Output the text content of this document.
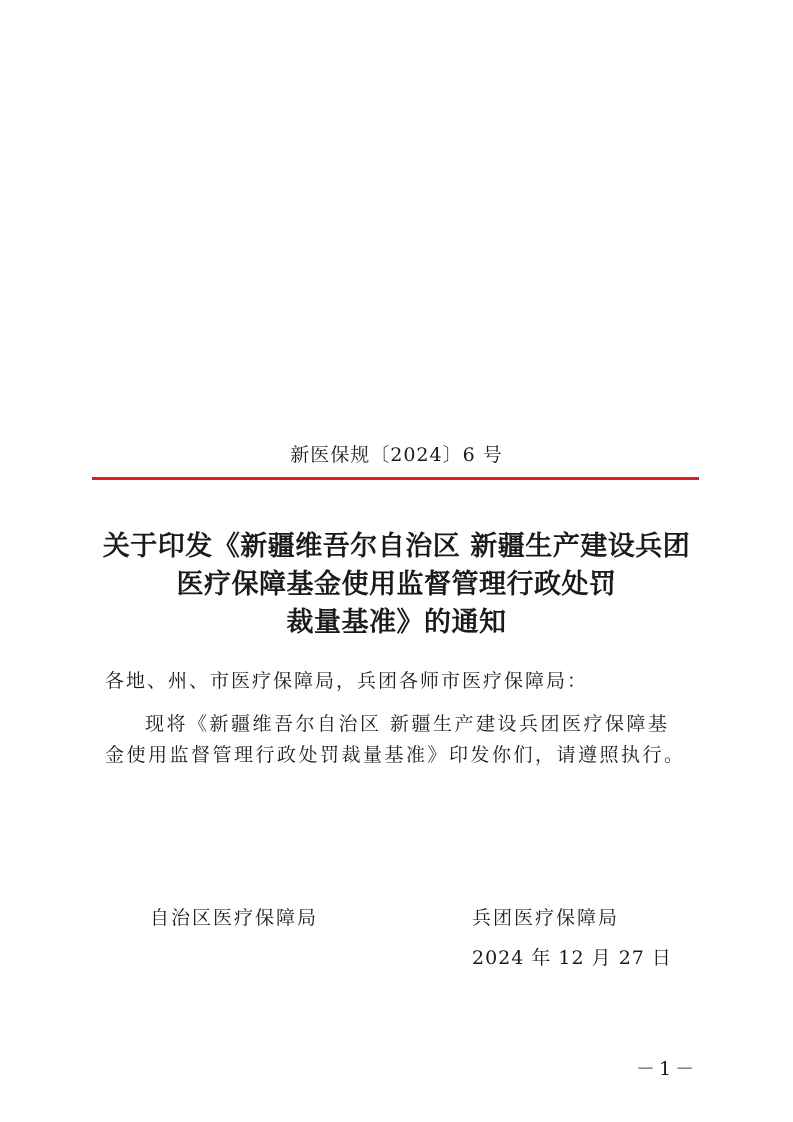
新医保规〔2024〕6 号
关于印发《新疆维吾尔自治区 新疆生产建设兵团
医疗保障基金使用监督管理行政处罚
裁量基准》的通知
各地、州、市医疗保障局，兵团各师市医疗保障局：
现将《新疆维吾尔自治区 新疆生产建设兵团医疗保障基
金使用监督管理行政处罚裁量基准》印发你们，请遵照执行。
自治区医疗保障局	兵团医疗保障局
2024 年 12 月 27 日
－1－
